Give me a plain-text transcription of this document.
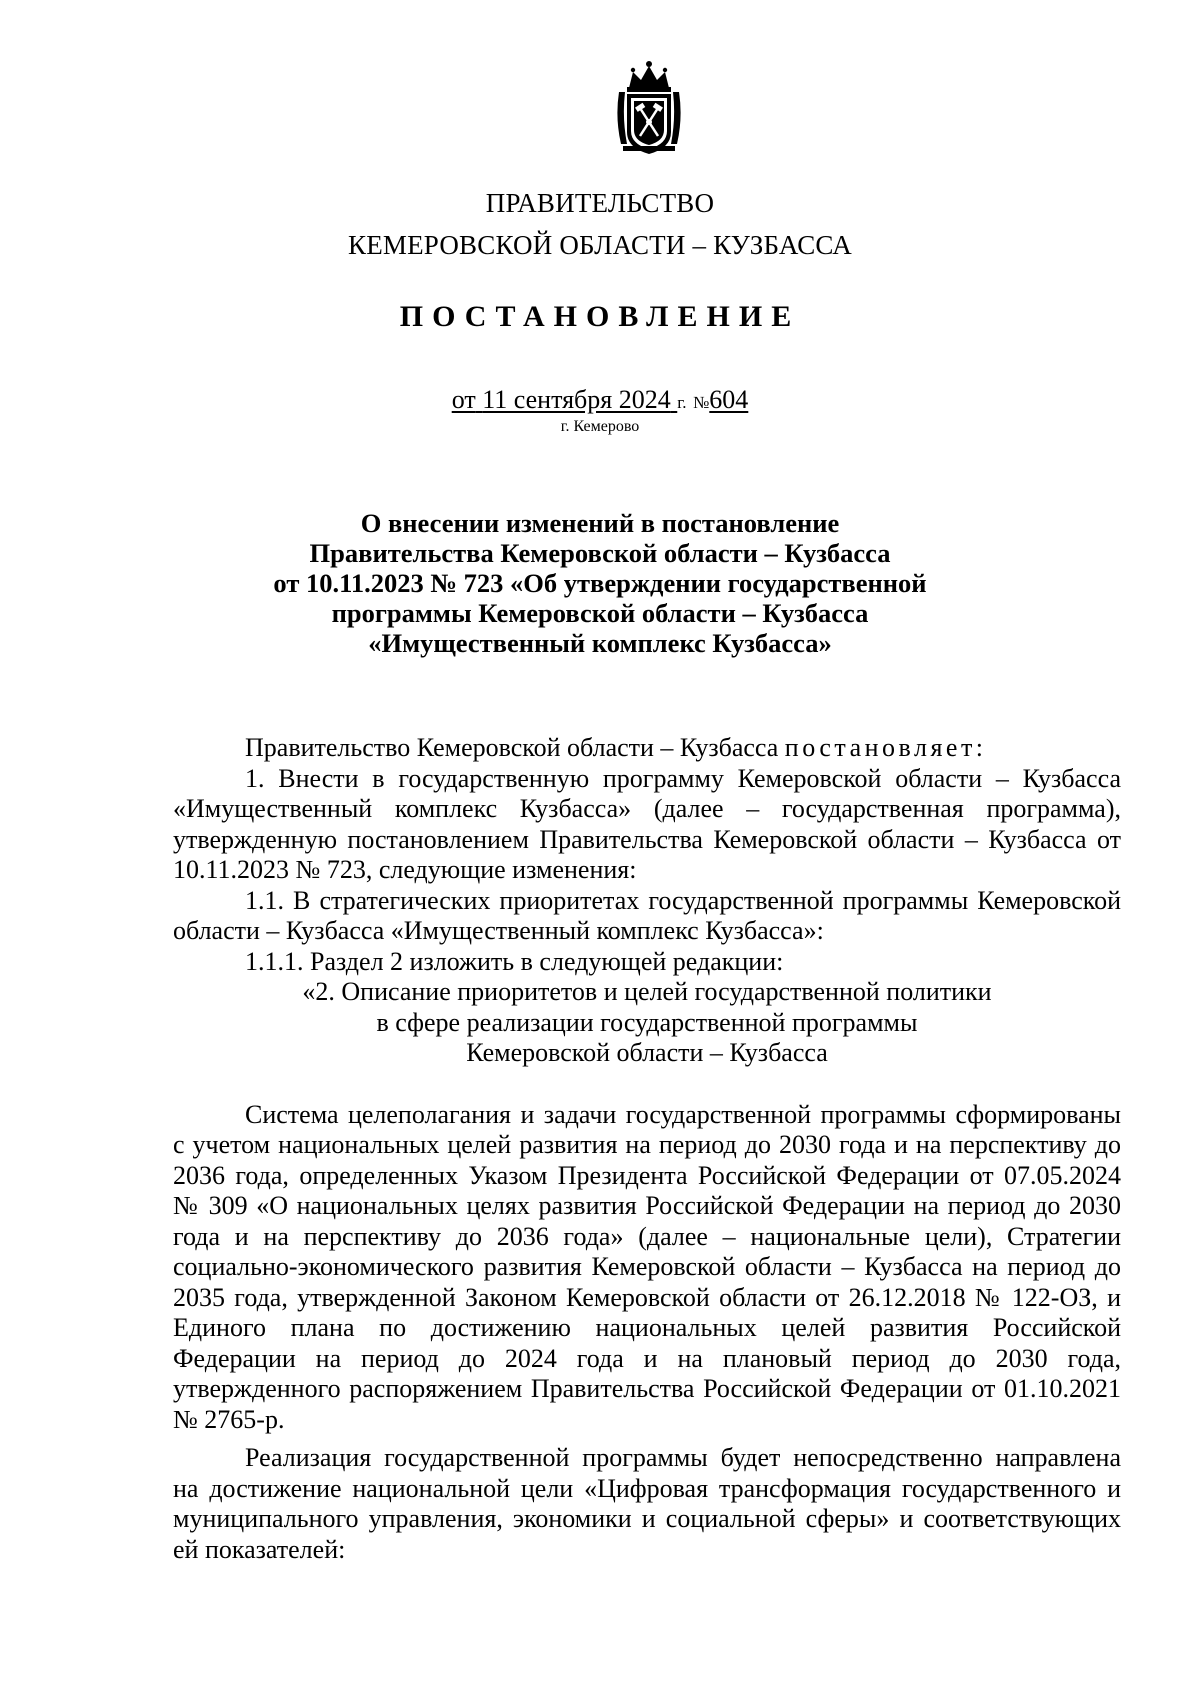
ПРАВИТЕЛЬСТВО
КЕМЕРОВСКОЙ ОБЛАСТИ – КУЗБАССА
ПОСТАНОВЛЕНИЕ
от 11 сентября 2024 г. №604
г. Кемерово
О внесении изменений в постановление
Правительства Кемеровской области – Кузбасса
от 10.11.2023 № 723 «Об утверждении государственной
программы Кемеровской области – Кузбасса
«Имущественный комплекс Кузбасса»

Правительство Кемеровской области – Кузбасса постановляет:

1. Внести в государственную программу Кемеровской области – Кузбасса «Имущественный комплекс Кузбасса» (далее – государственная программа), утвержденную постановлением Правительства Кемеровской области – Кузбасса от 10.11.2023 № 723, следующие изменения:

1.1. В стратегических приоритетах государственной программы Кемеровской области – Кузбасса «Имущественный комплекс Кузбасса»:

1.1.1. Раздел 2 изложить в следующей редакции:

«2. Описание приоритетов и целей государственной политики

в сфере реализации государственной программы

Кемеровской области – Кузбасса

Система целеполагания и задачи государственной программы сформированы с учетом национальных целей развития на период до 2030 года и на перспективу до 2036 года, определенных Указом Президента Российской Федерации от 07.05.2024 № 309 «О национальных целях развития Российской Федерации на период до 2030 года и на перспективу до 2036 года» (далее – национальные цели), Стратегии социально-экономического развития Кемеровской области – Кузбасса на период до 2035 года, утвержденной Законом Кемеровской области от 26.12.2018 № 122-ОЗ, и Единого плана по достижению национальных целей развития Российской Федерации на период до 2024 года и на плановый период до 2030 года, утвержденного распоряжением Правительства Российской Федерации от 01.10.2021 № 2765-р.

Реализация государственной программы будет непосредственно направлена на достижение национальной цели «Цифровая трансформация государственного и муниципального управления, экономики и социальной сферы» и соответствующих ей показателей:
